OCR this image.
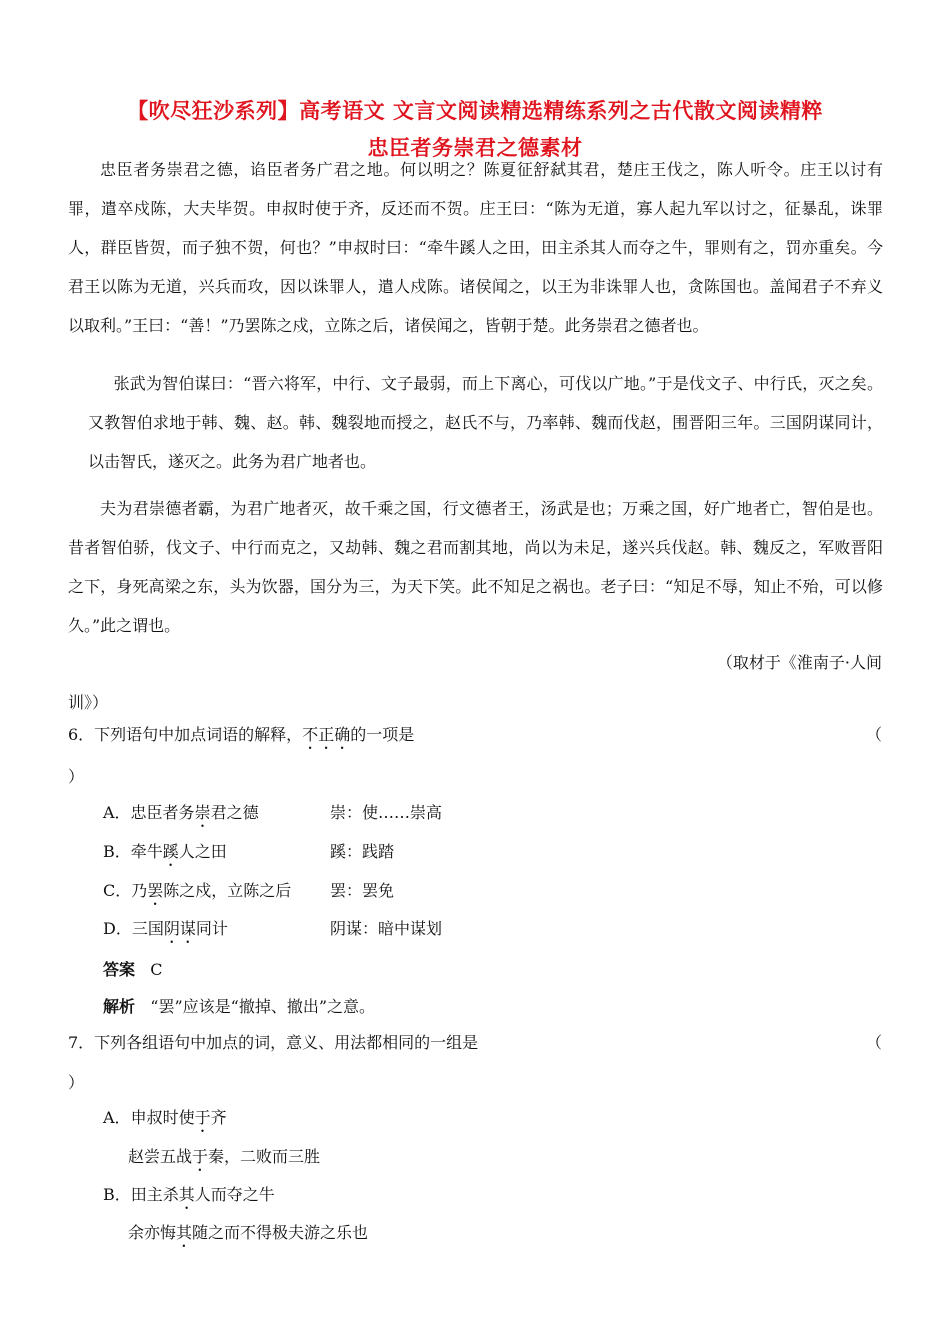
【吹尽狂沙系列】高考语文 文言文阅读精选精练系列之古代散文阅读精粹
忠臣者务崇君之德素材

忠臣者务崇君之德，谄臣者务广君之地。何以明之？陈夏征舒弑其君，楚庄王伐之，陈人听令。庄王以讨有罪，遣卒戍陈，大夫毕贺。申叔时使于齐，反还而不贺。庄王曰：“陈为无道，寡人起九军以讨之，征暴乱，诛罪人，群臣皆贺，而子独不贺，何也？”申叔时曰：“牵牛蹊人之田，田主杀其人而夺之牛，罪则有之，罚亦重矣。今君王以陈为无道，兴兵而攻，因以诛罪人，遣人戍陈。诸侯闻之，以王为非诛罪人也，贪陈国也。盖闻君子不弃义以取利。”王曰：“善！”乃罢陈之戍，立陈之后，诸侯闻之，皆朝于楚。此务崇君之德者也。

张武为智伯谋曰：“晋六将军，中行、文子最弱，而上下离心，可伐以广地。”于是伐文子、中行氏，灭之矣。又教智伯求地于韩、魏、赵。韩、魏裂地而授之，赵氏不与，乃率韩、魏而伐赵，围晋阳三年。三国阴谋同计，以击智氏，遂灭之。此务为君广地者也。

夫为君崇德者霸，为君广地者灭，故千乘之国，行文德者王，汤武是也；万乘之国，好广地者亡，智伯是也。昔者智伯骄，伐文子、中行而克之，又劫韩、魏之君而割其地，尚以为未足，遂兴兵伐赵。韩、魏反之，军败晋阳之下，身死高梁之东，头为饮器，国分为三，为天下笑。此不知足之祸也。老子曰：“知足不辱，知止不殆，可以修久。”此之谓也。

（取材于《淮南子·人间
训》）
6．下列语句中加点词语的解释，不正确的一项是	（
）
A．忠臣者务崇君之德	崇：使……崇高
B．牵牛蹊人之田	蹊：践踏
C．乃罢陈之戍，立陈之后 罢：罢免
D．三国阴谋同计	阴谋：暗中谋划
答案 C
解析 “罢”应该是“撤掉、撤出”之意。
7．下列各组语句中加点的词，意义、用法都相同的一组是	（
）
A．申叔时使于齐
赵尝五战于秦，二败而三胜
B．田主杀其人而夺之牛
余亦悔其随之而不得极夫游之乐也
